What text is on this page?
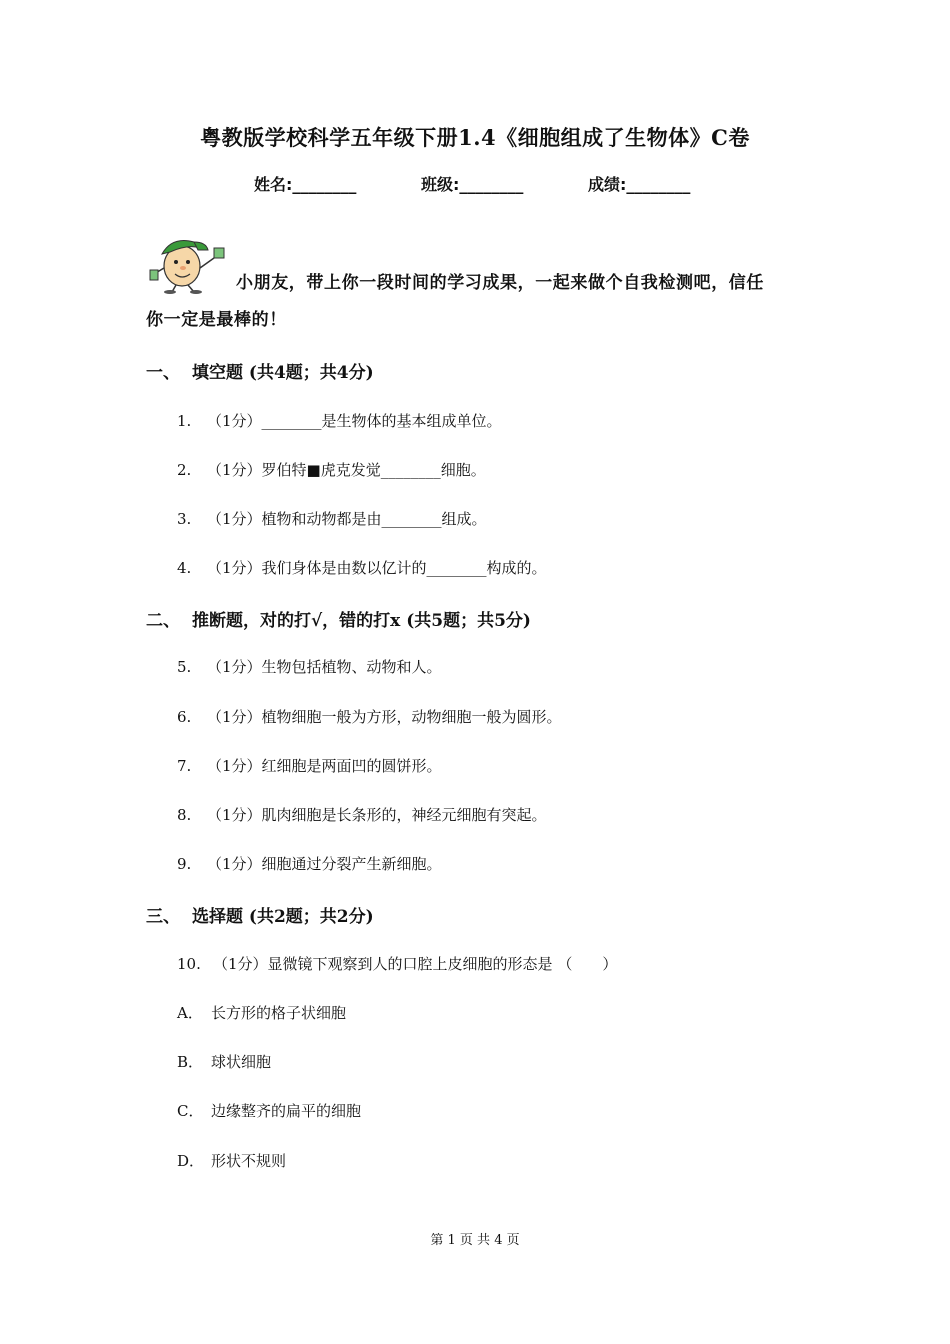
粤教版学校科学五年级下册1.4《细胞组成了生物体》C卷
姓名:________	班级:________	成绩:________
小朋友，带上你一段时间的学习成果，一起来做个自我检测吧，信任
你一定是最棒的！
一、 填空题 (共4题；共4分)
1. （1分）________是生物体的基本组成单位。
2. （1分）罗伯特■虎克发觉________细胞。
3. （1分）植物和动物都是由________组成。
4. （1分）我们身体是由数以亿计的________构成的。
二、 推断题，对的打√，错的打x (共5题；共5分)
5. （1分）生物包括植物、动物和人。
6. （1分）植物细胞一般为方形，动物细胞一般为圆形。
7. （1分）红细胞是两面凹的圆饼形。
8. （1分）肌肉细胞是长条形的，神经元细胞有突起。
9. （1分）细胞通过分裂产生新细胞。
三、 选择题 (共2题；共2分)
10. （1分）显微镜下观察到人的口腔上皮细胞的形态是 （　　）
A． 长方形的格子状细胞
B． 球状细胞
C． 边缘整齐的扁平的细胞
D． 形状不规则
第 1 页 共 4 页
